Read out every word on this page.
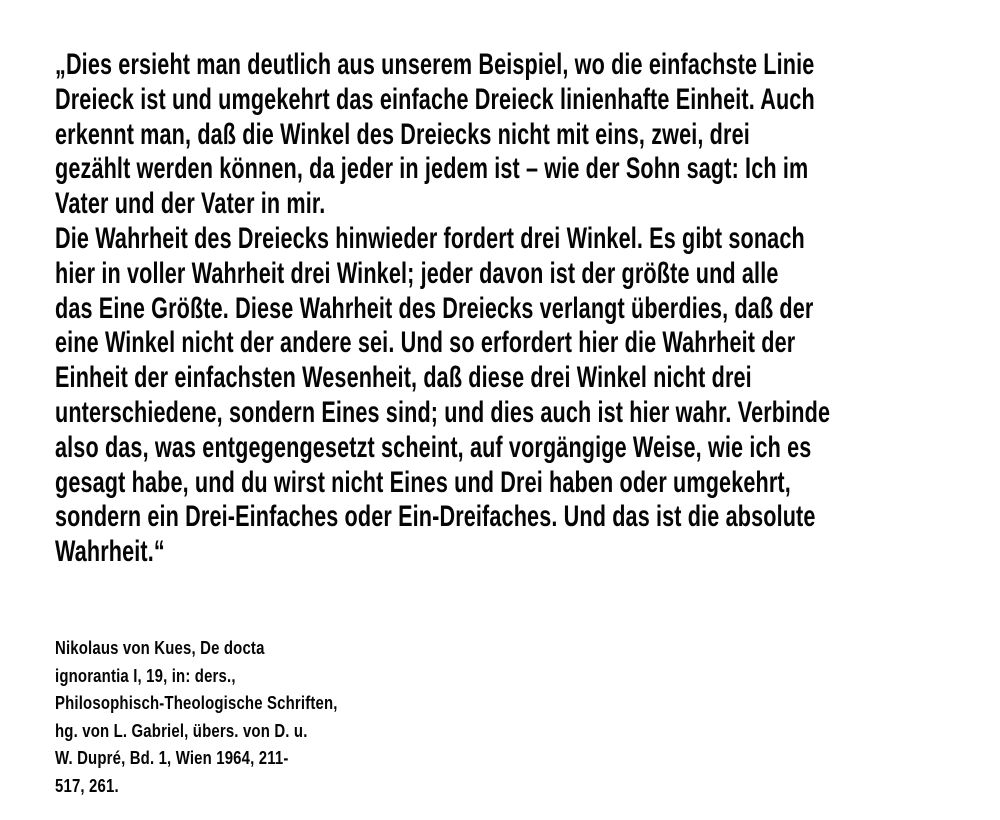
„Dies ersieht man deutlich aus unserem Beispiel, wo die einfachste Linie
Dreieck ist und umgekehrt das einfache Dreieck linienhafte Einheit. Auch
erkennt man, daß die Winkel des Dreiecks nicht mit eins, zwei, drei
gezählt werden können, da jeder in jedem ist – wie der Sohn sagt: Ich im
Vater und der Vater in mir.
Die Wahrheit des Dreiecks hinwieder fordert drei Winkel. Es gibt sonach
hier in voller Wahrheit drei Winkel; jeder davon ist der größte und alle
das Eine Größte. Diese Wahrheit des Dreiecks verlangt überdies, daß der
eine Winkel nicht der andere sei. Und so erfordert hier die Wahrheit der
Einheit der einfachsten Wesenheit, daß diese drei Winkel nicht drei
unterschiedene, sondern Eines sind; und dies auch ist hier wahr. Verbinde
also das, was entgegengesetzt scheint, auf vorgängige Weise, wie ich es
gesagt habe, und du wirst nicht Eines und Drei haben oder umgekehrt,
sondern ein Drei-Einfaches oder Ein-Dreifaches. Und das ist die absolute
Wahrheit.“
Nikolaus von Kues, De docta
ignorantia I, 19, in: ders.,
Philosophisch-Theologische Schriften,
hg. von L. Gabriel, übers. von D. u.
W. Dupré, Bd. 1, Wien 1964, 211-
517, 261.
